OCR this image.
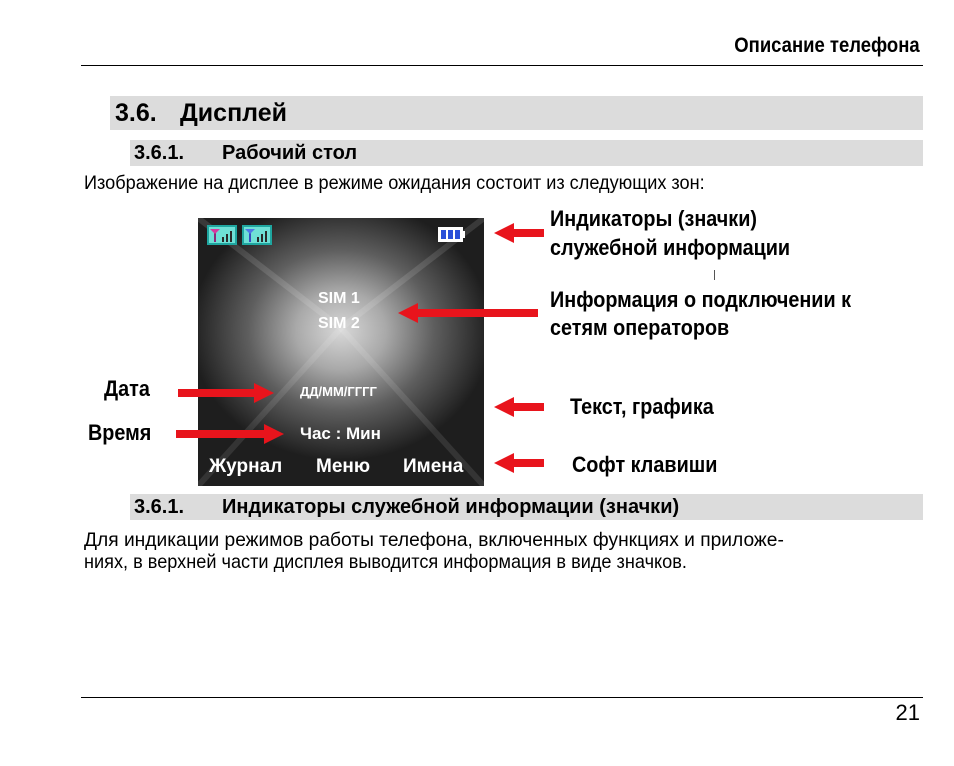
Описание телефона
3.6. Дисплей
3.6.1. Рабочий стол
Изображение на дисплее в режиме ожидания состоит из следующих зон:
SIM 1
SIM 2
ДД/ММ/ГГГГ
Час : Мин
Журнал Меню Имена
Индикаторы (значки)
служебной информации
Информация о подключении к
сетям операторов
Дата
Время
Текст, графика
Софт клавиши
3.6.1. Индикаторы служебной информации (значки)
Для индикации режимов работы телефона, включенных функциях и приложе-
ниях, в верхней части дисплея выводится информация в виде значков.
21
